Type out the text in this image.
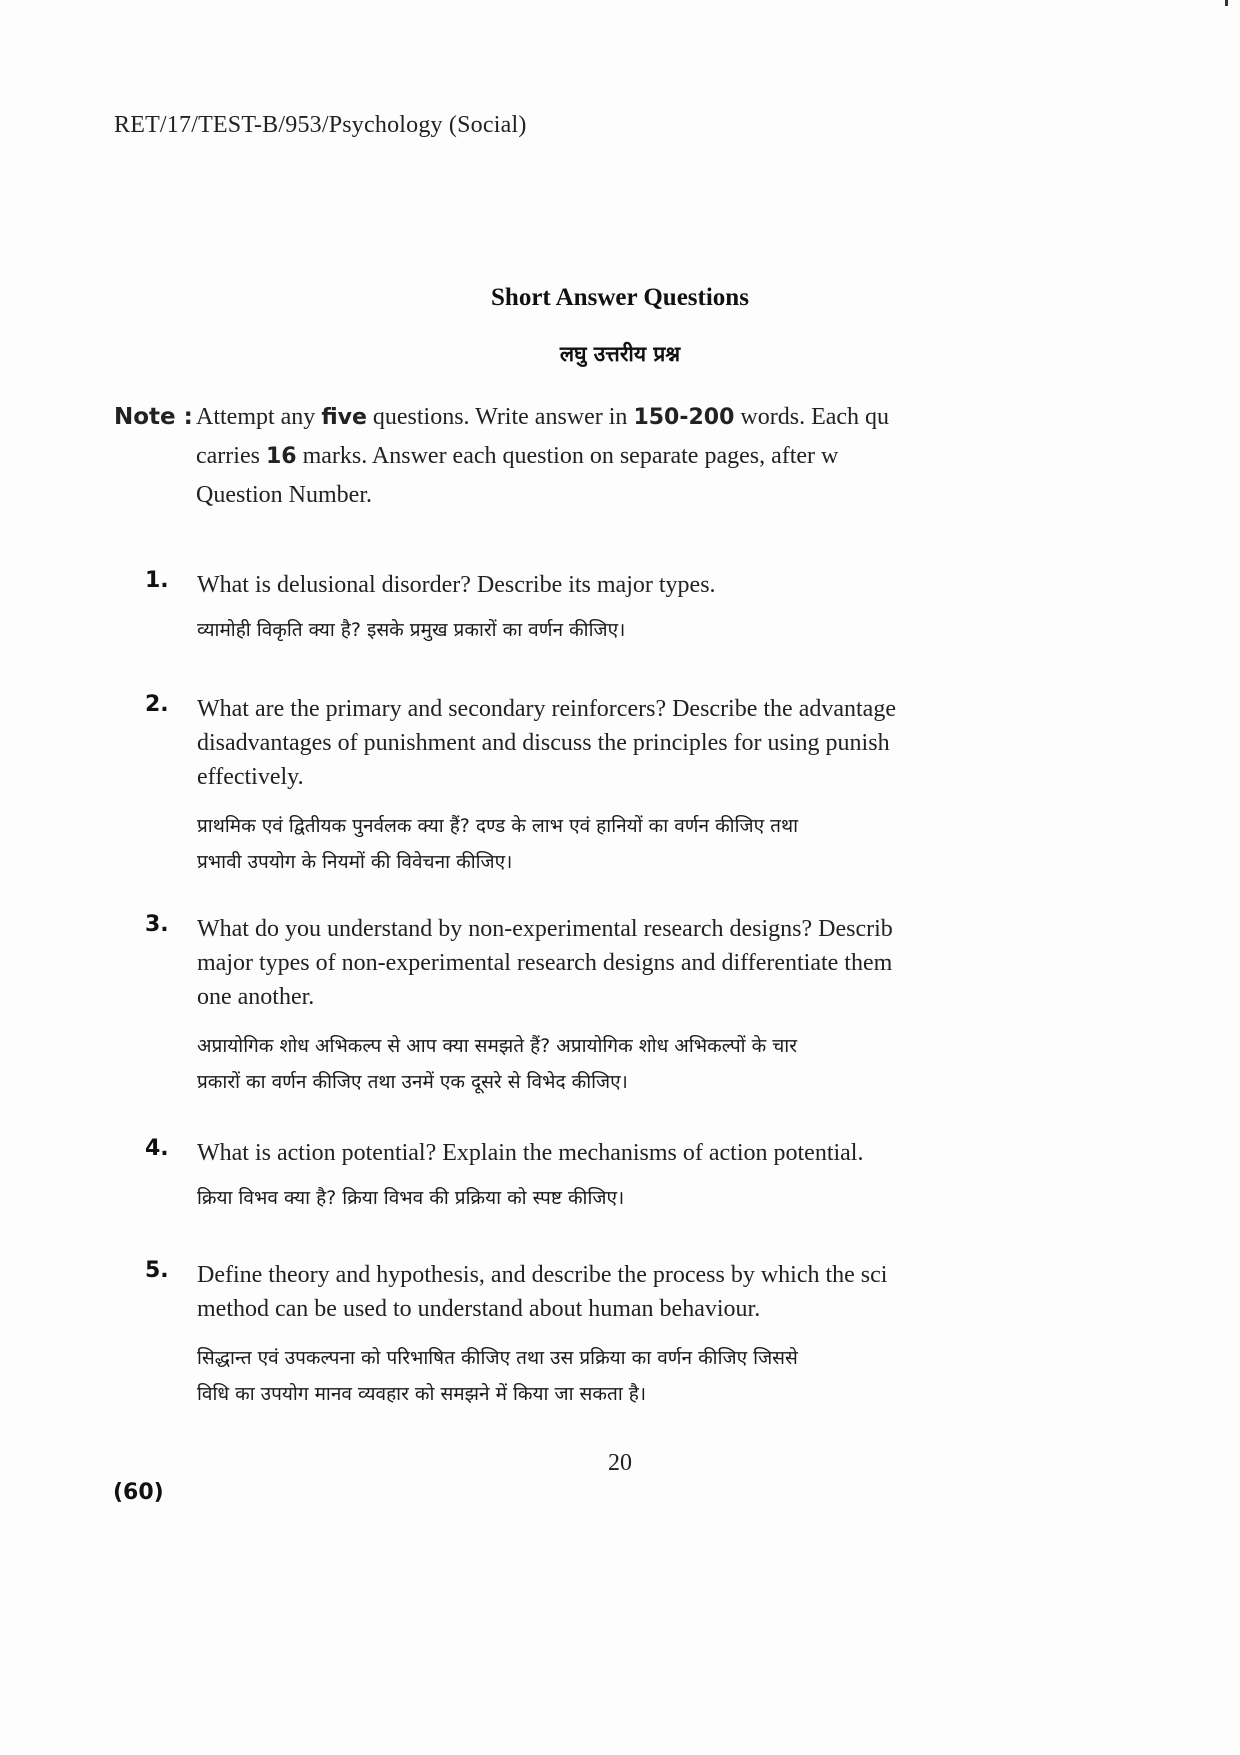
RET/17/TEST-B/953/Psychology (Social)
Short Answer Questions
लघु उत्तरीय प्रश्न
Note : Attempt any five questions. Write answer in 150-200 words. Each qu
carries 16 marks. Answer each question on separate pages, after w
Question Number.
1. What is delusional disorder? Describe its major types.
व्यामोही विकृति क्या है? इसके प्रमुख प्रकारों का वर्णन कीजिए।
2. What are the primary and secondary reinforcers? Describe the advantage
disadvantages of punishment and discuss the principles for using punish
effectively.
प्राथमिक एवं द्वितीयक पुनर्वलक क्या हैं? दण्ड के लाभ एवं हानियों का वर्णन कीजिए तथा
प्रभावी उपयोग के नियमों की विवेचना कीजिए।
3. What do you understand by non-experimental research designs? Describ
major types of non-experimental research designs and differentiate them
one another.
अप्रायोगिक शोध अभिकल्प से आप क्या समझते हैं? अप्रायोगिक शोध अभिकल्पों के चार
प्रकारों का वर्णन कीजिए तथा उनमें एक दूसरे से विभेद कीजिए।
4. What is action potential? Explain the mechanisms of action potential.
क्रिया विभव क्या है? क्रिया विभव की प्रक्रिया को स्पष्ट कीजिए।
5. Define theory and hypothesis, and describe the process by which the sci
method can be used to understand about human behaviour.
सिद्धान्त एवं उपकल्पना को परिभाषित कीजिए तथा उस प्रक्रिया का वर्णन कीजिए जिससे
विधि का उपयोग मानव व्यवहार को समझने में किया जा सकता है।
20
(60)
